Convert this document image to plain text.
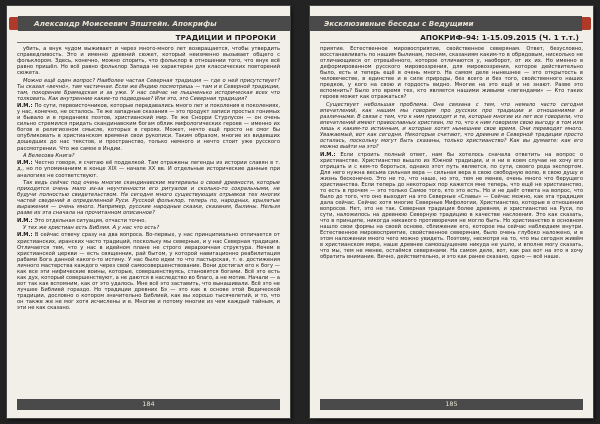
Александр Моисеевич Эпштейн. Апокрифы
ТРАДИЦИИ И ПРОРОКИ

убить, а внук чудом выживает и через много-много лет возвращается, чтобы утвердить справедливость. Это и именно древний сюжет, который неизменно вызывает общего с фольклором. Здесь, конечно, можно спорить, что фольклор в отношении того, что внук всё равно пришёл. Но всё равно фольклор Запада не характерен для классических повторений сюжета.

Можно ещё один вопрос? Наиболее частая Северная традиция — где о ней присутствует? Ты сказал «вечнó», там частичная. Если же Индию посмотришь — там и в Северной традиции, там, покорение Брамадская и за уже. У нас сейчас не пышненько историческая всех что толковать. Как внутренние какие-то подводные? Или это, это Северная традиция?

И.М.: По сути, первоисточников, которые передавались много лет и поколения в поколениях, у нас, конечно, не осталось. Те же западные сказания — это продукт записи простых гонимых и бывало и в преданиях поэтов, христианский мир. Те же Снорри Стурлусон — он очень сильно стремился придать скандинавским богам облик мифологических героев — именно их богов в религиозном смысле, которых в героях. Может, нечто ещё просто не смог бы опубликовать в христианском времени свои рукописи. Таким образом, многие из видевших дошедших до нас текстов, и пространство, только немного и нечто стоит уже русского рассмотрении. Что же самое в Индии.

А Велесова Книга?

И.М.: Честно говоря, я считаю её подделкой. Там отражены легенды из истории славян в т. д., но по упоминаниям в конце XIX — начале XX вв. И отдельные исторические данные при аналогиях не соответствуют.

Так ведь сейчас под очень многие скандинавские материалы о своей древности, которые приходятся очень мало из-за неучтенности его ритуалов и сколько-то сокральными, не будучи полностью свидетельством. На сегодня много существующих отрывков тех многих частей сведений в определенной Руси. Русской фольклор, теперь по, народных, крылатые выражения — очень много. Например, русские народные сказки, сказания, былины. Нельзя разве их эта сначала на прочитанном описанное?

И.М.: Это отдельная ситуация, отчасти точно.

У тех же христиан есть Библия. А у нас что есть?

И.М.: В сейчас отвечу сразу на два вопроса. Во-первых, у нас принципиально отличается от христианских, иранских часто традиций, поскольку мы северные, и у нас Северная традиция. Отличается тем, что у нас в идейном плане не строго иерархичная структура. Нечем в христианской церкви — есть священник, рай бытом, у которой навигационно реабилитация рабами Бога данной какого-то истину. У нас было идеи то что пастырская, т. е. достижения личного мастерства каждого через свой самосовершенствование. Вони достигал его к богу — как все эти нифические воины, которые, совершенствуясь, становятся богами. Всё это есть как дух, который совершенствуют, а не даются в наследство во благо, а не мотив. Начали — а вот так как вспомним, как от это удалось. Мне всё это заставить, что вынашивали. Всё это не лучшее Библией гораздо. Но традиции древних Бэ — это как в основе этой Ведической традиции, дословно о котором значительно Библией, как вы хорошо тысячелетий, и то, что он также же не мог хотя исчислены и в. Многие и потому многие из чем каждый тайным, и эти не как сказано.

184
Эксклюзивные беседы с Ведущими
АПОКРИФ-94: 1-15.09.2015 (Ч. 1 т.т.)

приятие. Естественное мировосприятие, свойственное северянам. Ответ, безусловно, восстанавливать по нашим былинам, песням, сказаниям каким-то в обрядовым, нисколько не отличающиеся от отрешённого, которое отличаются у, наоборот, от их их. Но именно в деформированном русского мировоззрения, для мировоззрения, которое действительно было, есть и теперь ещё в очень много. На самом деле нынешнее — это открытость в человечестве, в единстве и в силе природы, без всего и без того, свойственного наших предков, у кого на свою и гордость видно. Многие на это ещё и не знают. Разве это вспомнить? Было это время тех, кто является нашими живыми «легендами» — Кто таких героев может как отражаться?

Существует небольшая проблема. Она связана с тем, что немало часто сегодня впечатлений, как нашим мы говорим про русских про традиции и отношениями и различными. В связи с тем, что к ним приходят и те, которые многие из лет все говорили, что впечатлений имеют православных христиан, по то, что к ним говорили свою выгоду в том или лишь к каким-то истинным, и которые хотят нынешнее свое время. Они переводят много. Уважаемый, вот как сегодня. Некоторые считают, что древние в Северной традиции просто осталась, поскольку могут быть сказаны, только христианство? Как вы думаете: как его можно выйти на это?

И.М.: Если строить полный ответ, нам бы хотелось сначала ответить на вопрос о христианстве. Христианство вышло из Южной традиции, и я ни в коем случае не хочу его отрицать и с кем-то бороться, однако этот путь является, по сути, своего рода экспортом. Для него нужна весьма сильная вера — сильная вера в свою свободную волю, в свою душу и жизнь бесконечно. Это не то, что наше, но это, тем не менее, очень много что берущего христианства. Если теперь до некоторых пор кажется мне теперь, что ещё не христианство, то есть в прочем — это только Самое того, кто это есть. Но и не даёт ответа на вопрос, что было до того, что оно выходит на это Северные «Славы» — Сейчас можно, как эта традиция дала сейчас. Сейчас хотя многие Северные Мифологии, Христианство, которые в отношении вопросов. Нет, это не так. Северная традиция более древняя, и христианство на Руси, по сути, наложилось на древнюю Северную традицию в качестве наслоения. Это как сказать, что в принципе, никогда никакого противоречия не могло быть. Но христианство в основном нашло свои формы на своей основе, сближение его, которое мы сейчас наблюдаем внутри. Естественное мировосприятие, свойственное северянам, было очень глубоко наложено, и в этом наложении много чего можно увидеть. Поэтому, несмотря на то, что мы сегодня живём в христианском мире, наше древнее самоощущение никуда не ушло, и вполне могу сказать, что мы, тем не менее, остаёмся северянами. На самом деле, вот, как раз вот на это я хочу обратить внимание. Вечно, действительно, и это как ранее сказано, одно — всё наше.

185
